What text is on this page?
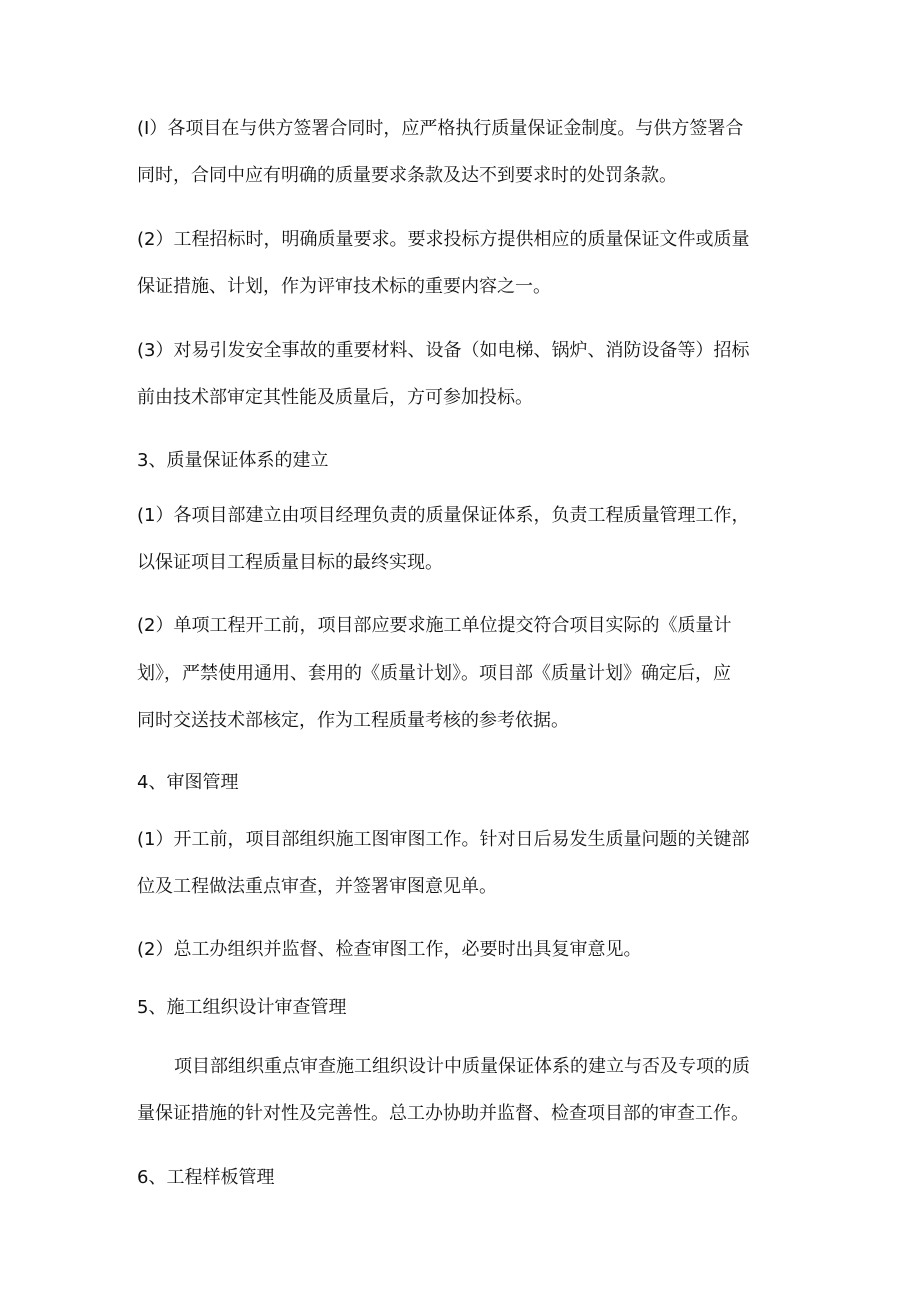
(I）各项目在与供方签署合同时，应严格执行质量保证金制度。与供方签署合
同时，合同中应有明确的质量要求条款及达不到要求时的处罚条款。
(2）工程招标时，明确质量要求。要求投标方提供相应的质量保证文件或质量
保证措施、计划，作为评审技术标的重要内容之一。
(3）对易引发安全事故的重要材料、设备（如电梯、锅炉、消防设备等）招标
前由技术部审定其性能及质量后，方可参加投标。
3、质量保证体系的建立
(1）各项目部建立由项目经理负责的质量保证体系，负责工程质量管理工作，
以保证项目工程质量目标的最终实现。
(2）单项工程开工前，项目部应要求施工单位提交符合项目实际的《质量计
划》，严禁使用通用、套用的《质量计划》。项目部《质量计划》确定后，应
同时交送技术部核定，作为工程质量考核的参考依据。
4、审图管理
(1）开工前，项目部组织施工图审图工作。针对日后易发生质量问题的关键部
位及工程做法重点审查，并签署审图意见单。
(2）总工办组织并监督、检查审图工作，必要时出具复审意见。
5、施工组织设计审查管理
项目部组织重点审查施工组织设计中质量保证体系的建立与否及专项的质
量保证措施的针对性及完善性。总工办协助并监督、检查项目部的审查工作。
6、工程样板管理
